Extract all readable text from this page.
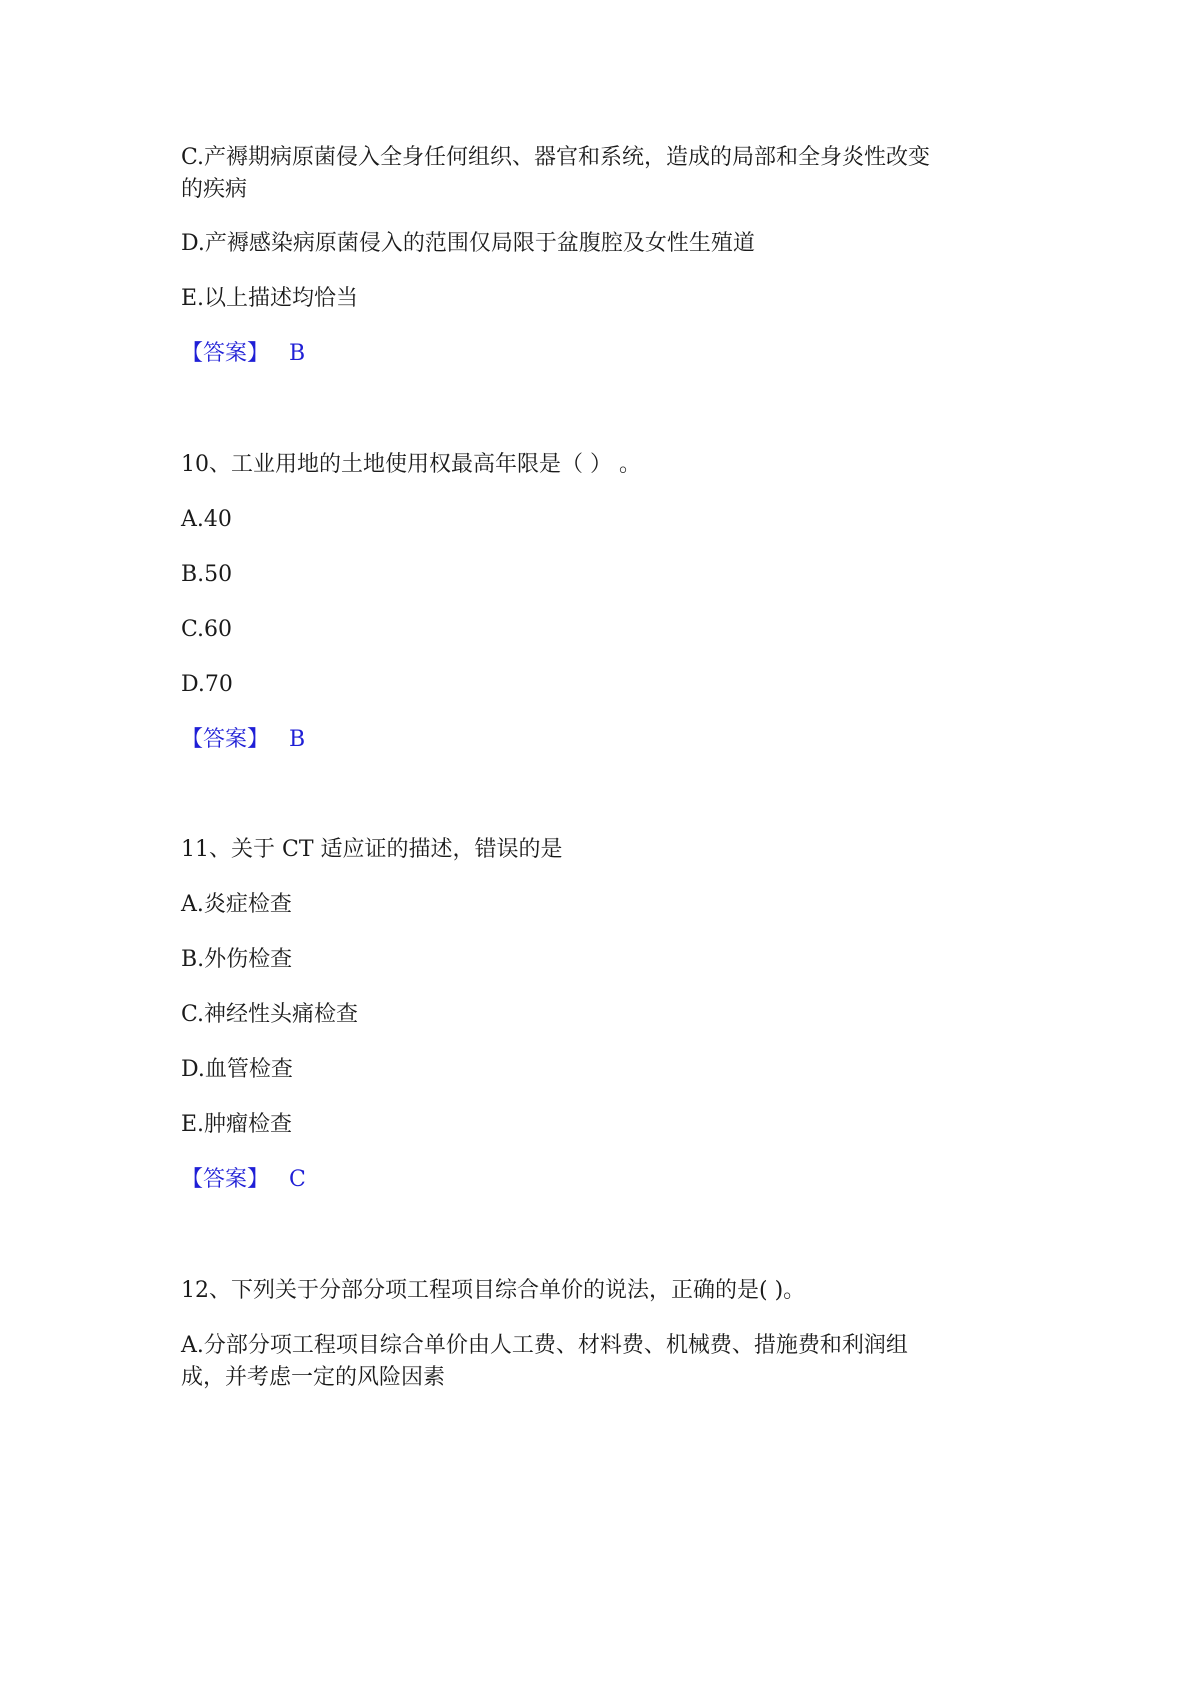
C.产褥期病原菌侵入全身任何组织、器官和系统，造成的局部和全身炎性改变
的疾病
D.产褥感染病原菌侵入的范围仅局限于盆腹腔及女性生殖道
E.以上描述均恰当
【答案】 B
10、工业用地的土地使用权最高年限是（ ） 。
A.40
B.50
C.60
D.70
【答案】 B
11、关于 CT 适应证的描述，错误的是
A.炎症检查
B.外伤检查
C.神经性头痛检查
D.血管检查
E.肿瘤检查
【答案】 C
12、下列关于分部分项工程项目综合单价的说法，正确的是( )。
A.分部分项工程项目综合单价由人工费、材料费、机械费、措施费和利润组
成，并考虑一定的风险因素
